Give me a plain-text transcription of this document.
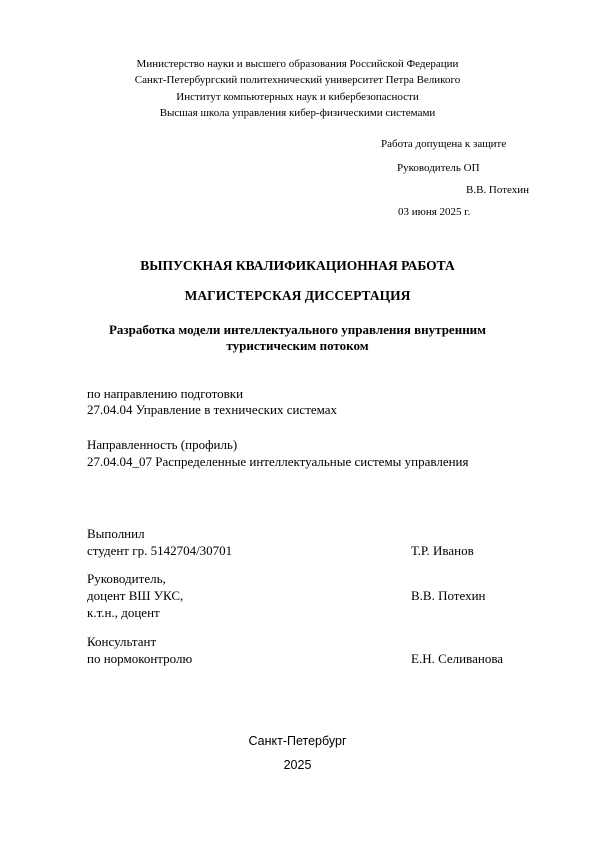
Министерство науки и высшего образования Российской Федерации
Санкт-Петербургский политехнический университет Петра Великого
Институт компьютерных наук и кибербезопасности
Высшая школа управления кибер-физическими системами
Работа допущена к защите
Руководитель ОП
В.В. Потехин
03 июня 2025 г.
ВЫПУСКНАЯ КВАЛИФИКАЦИОННАЯ РАБОТА
МАГИСТЕРСКАЯ ДИССЕРТАЦИЯ
Разработка модели интеллектуального управления внутренним
туристическим потоком
по направлению подготовки
27.04.04 Управление в технических системах
Направленность (профиль)
27.04.04_07 Распределенные интеллектуальные системы управления
Выполнил
студент гр. 5142704/30701	Т.Р. Иванов
Руководитель,
доцент ВШ УКС,	В.В. Потехин
к.т.н., доцент
Консультант
по нормоконтролю	Е.Н. Селиванова
Санкт-Петербург
2025
